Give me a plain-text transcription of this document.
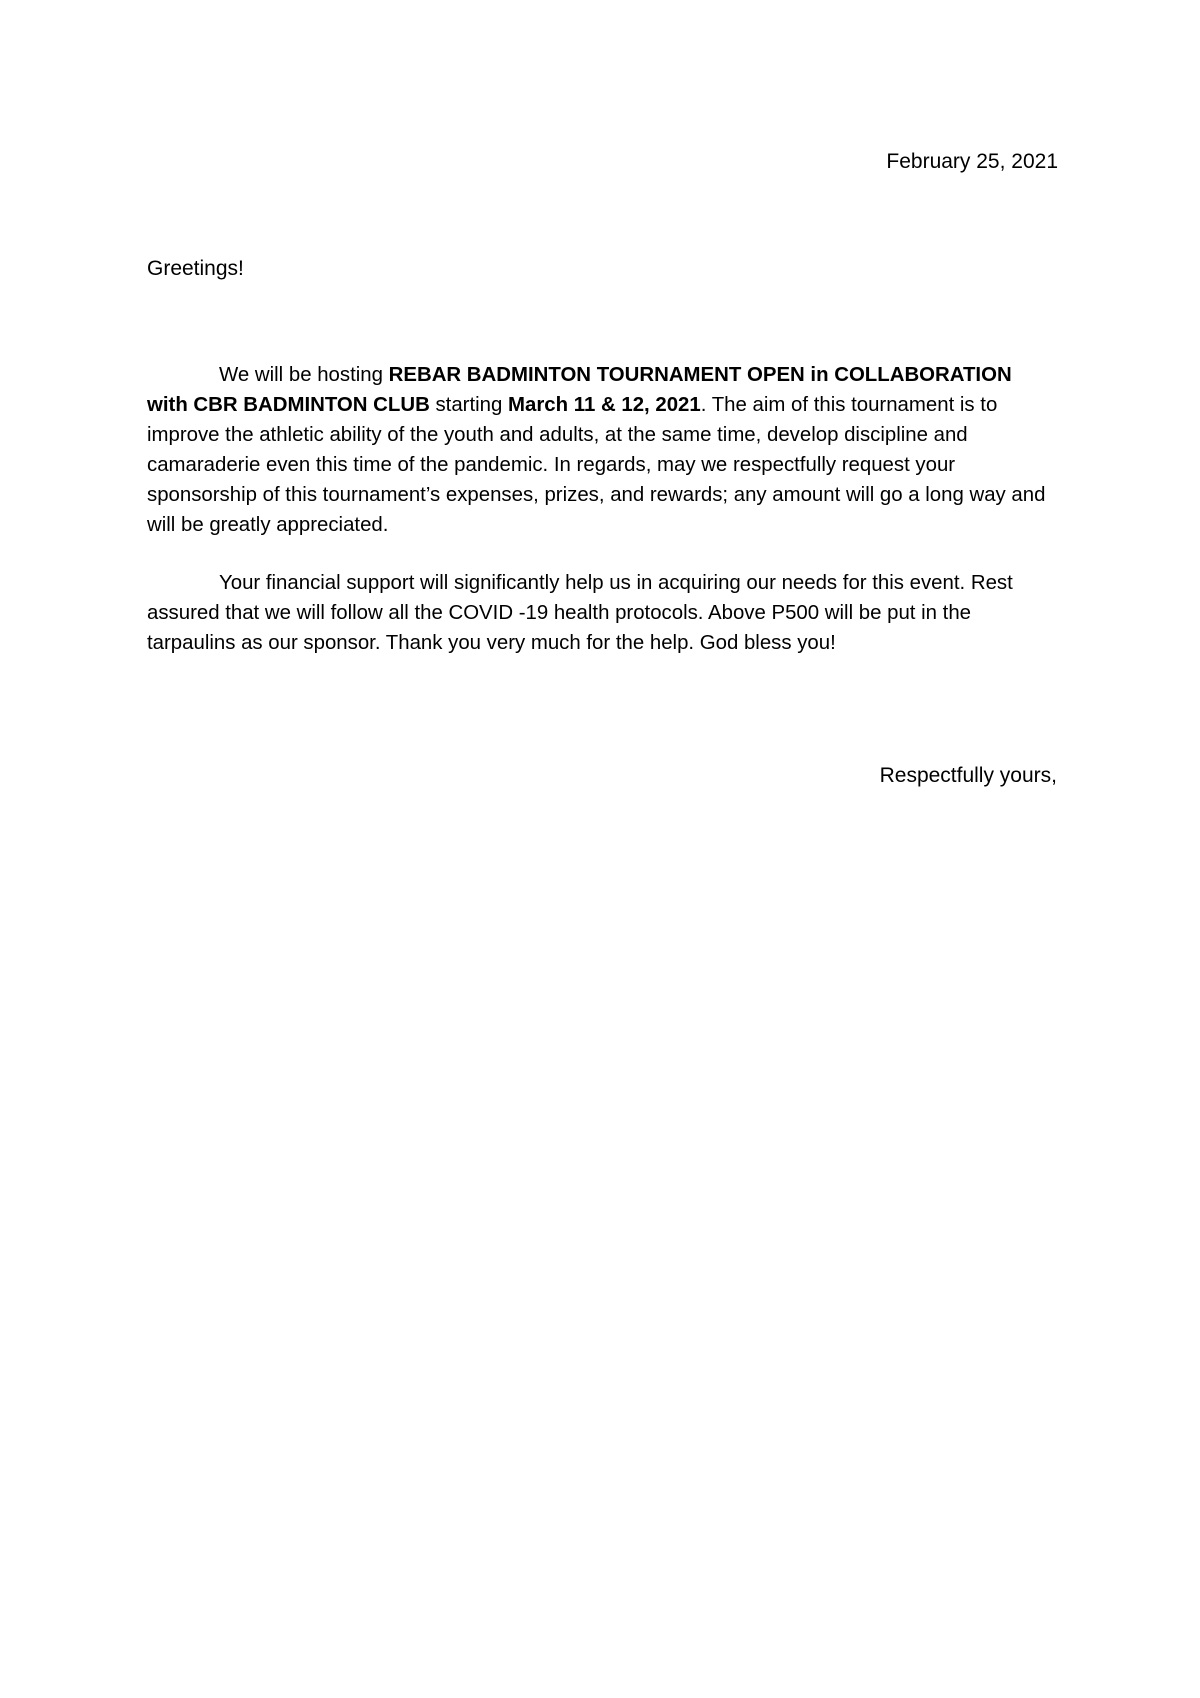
February 25, 2021
Greetings!
We will be hosting REBAR BADMINTON TOURNAMENT OPEN in COLLABORATION with CBR BADMINTON CLUB starting March 11 & 12, 2021. The aim of this tournament is to improve the athletic ability of the youth and adults, at the same time, develop discipline and camaraderie even this time of the pandemic. In regards, may we respectfully request your sponsorship of this tournament’s expenses, prizes, and rewards; any amount will go a long way and will be greatly appreciated.
Your financial support will significantly help us in acquiring our needs for this event. Rest assured that we will follow all the COVID -19 health protocols. Above P500 will be put in the tarpaulins as our sponsor. Thank you very much for the help. God bless you!
Respectfully yours,
